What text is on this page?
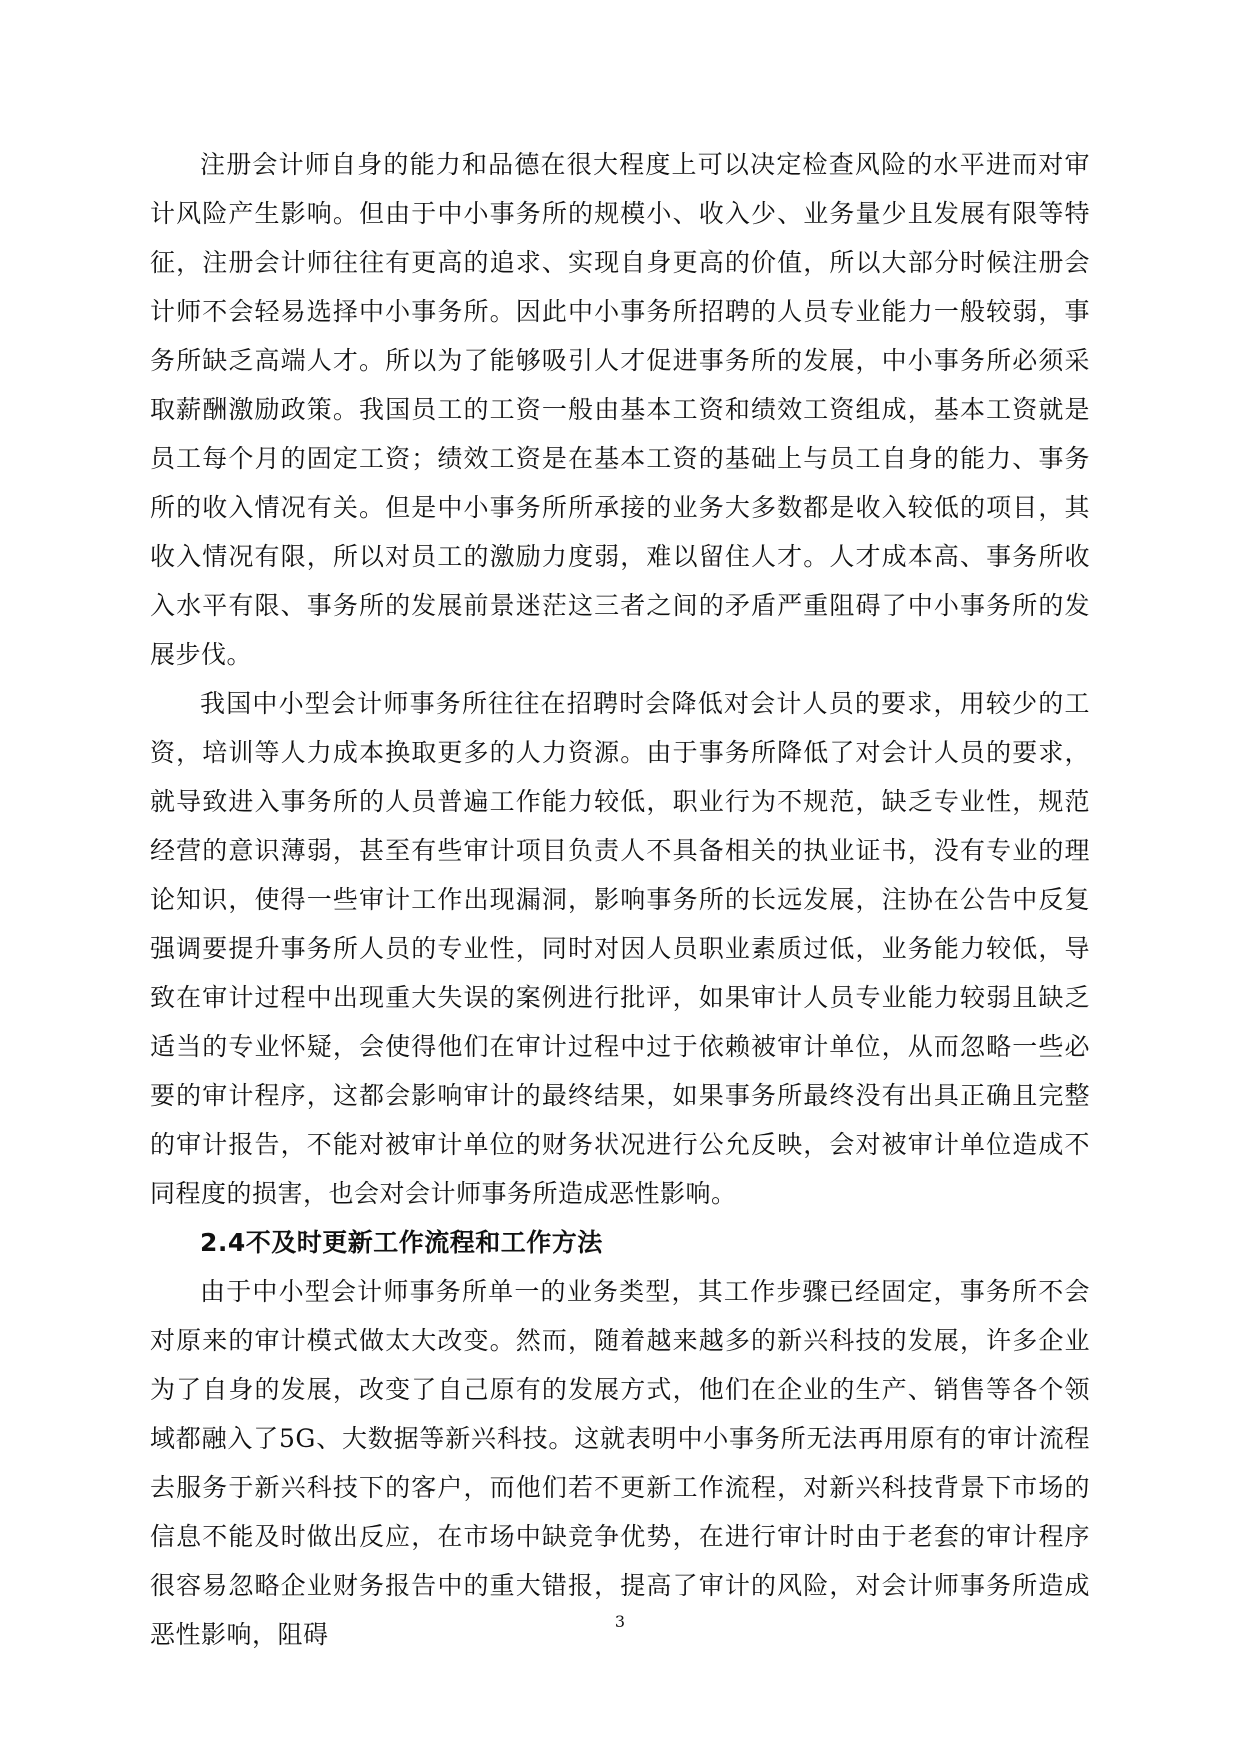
注册会计师自身的能力和品德在很大程度上可以决定检查风险的水平进而对审计风险产生影响。但由于中小事务所的规模小、收入少、业务量少且发展有限等特征，注册会计师往往有更高的追求、实现自身更高的价值，所以大部分时候注册会计师不会轻易选择中小事务所。因此中小事务所招聘的人员专业能力一般较弱，事务所缺乏高端人才。所以为了能够吸引人才促进事务所的发展，中小事务所必须采取薪酬激励政策。我国员工的工资一般由基本工资和绩效工资组成，基本工资就是员工每个月的固定工资；绩效工资是在基本工资的基础上与员工自身的能力、事务所的收入情况有关。但是中小事务所所承接的业务大多数都是收入较低的项目，其收入情况有限，所以对员工的激励力度弱，难以留住人才。人才成本高、事务所收入水平有限、事务所的发展前景迷茫这三者之间的矛盾严重阻碍了中小事务所的发展步伐。

我国中小型会计师事务所往往在招聘时会降低对会计人员的要求，用较少的工资，培训等人力成本换取更多的人力资源。由于事务所降低了对会计人员的要求，就导致进入事务所的人员普遍工作能力较低，职业行为不规范，缺乏专业性，规范经营的意识薄弱，甚至有些审计项目负责人不具备相关的执业证书，没有专业的理论知识，使得一些审计工作出现漏洞，影响事务所的长远发展，注协在公告中反复强调要提升事务所人员的专业性，同时对因人员职业素质过低，业务能力较低，导致在审计过程中出现重大失误的案例进行批评，如果审计人员专业能力较弱且缺乏适当的专业怀疑，会使得他们在审计过程中过于依赖被审计单位，从而忽略一些必要的审计程序，这都会影响审计的最终结果，如果事务所最终没有出具正确且完整的审计报告，不能对被审计单位的财务状况进行公允反映，会对被审计单位造成不同程度的损害，也会对会计师事务所造成恶性影响。

2.4不及时更新工作流程和工作方法

由于中小型会计师事务所单一的业务类型，其工作步骤已经固定，事务所不会对原来的审计模式做太大改变。然而，随着越来越多的新兴科技的发展，许多企业为了自身的发展，改变了自己原有的发展方式，他们在企业的生产、销售等各个领域都融入了5G、大数据等新兴科技。这就表明中小事务所无法再用原有的审计流程去服务于新兴科技下的客户，而他们若不更新工作流程，对新兴科技背景下市场的信息不能及时做出反应，在市场中缺竞争优势，在进行审计时由于老套的审计程序很容易忽略企业财务报告中的重大错报，提高了审计的风险，对会计师事务所造成恶性影响，阻碍	3
